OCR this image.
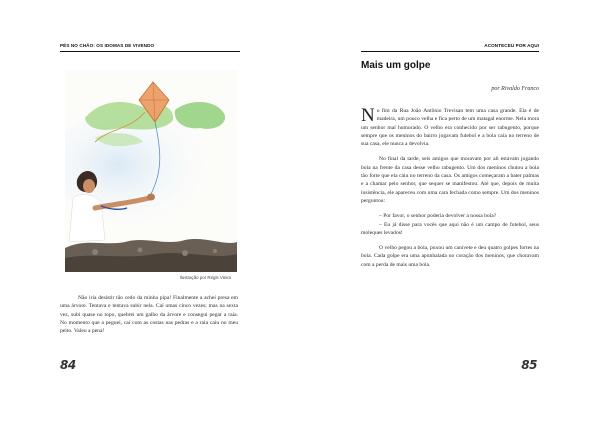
PÉS NO CHÃO: OS IDOMAS DE VIVENDO
Ilustração por Régis Vieira

Não iria desistir tão cedo da minha pipa! Finalmente a achei presa em uma árvore. Tentava e tentava subir nela. Caí umas cinco vezes; mas na sexta vez, subi quase no topo, quebrei um galho da árvore e consegui pegar a raia. No momento que a peguei, caí com as costas nas pedras e a raia caiu no meu peito. Valeu a pena!

84
ACONTECEU POR AQUI
Mais um golpe
por Rivaldo Franco

No fim da Rua João Antônio Trevisan tem uma casa grande. Ela é de madeira, um pouco velha e fica perto de um matagal enorme. Nela mora um senhor mal humorado. O velho era conhecido por ser rabugento, porque sempre que os meninos do bairro jogavam futebol e a bola caía no terreno de sua casa, ele nunca a devolvia.

No final da tarde, seis amigos que moravam por ali estavam jogando bola na frente da casa desse velho rabugento. Um dos meninos chutou a bola tão forte que ela caiu no terreno da casa. Os amigos começaram a bater palmas e a chamar pelo senhor, que sequer se manifestou. Até que, depois de muita insistência, ele apareceu com uma cara fechada como sempre. Um dos meninos perguntou:

– Por favor, o senhor poderia devolver a nossa bola?

– Eu já disse para vocês que aqui não é um campo de futebol, seus moleques levados!

O velho pegou a bola, puxou um canivete e deu quatro golpes fortes na bola. Cada golpe era uma apunhalada no coração dos meninos, que choravam com a perda de mais uma bola.

85
